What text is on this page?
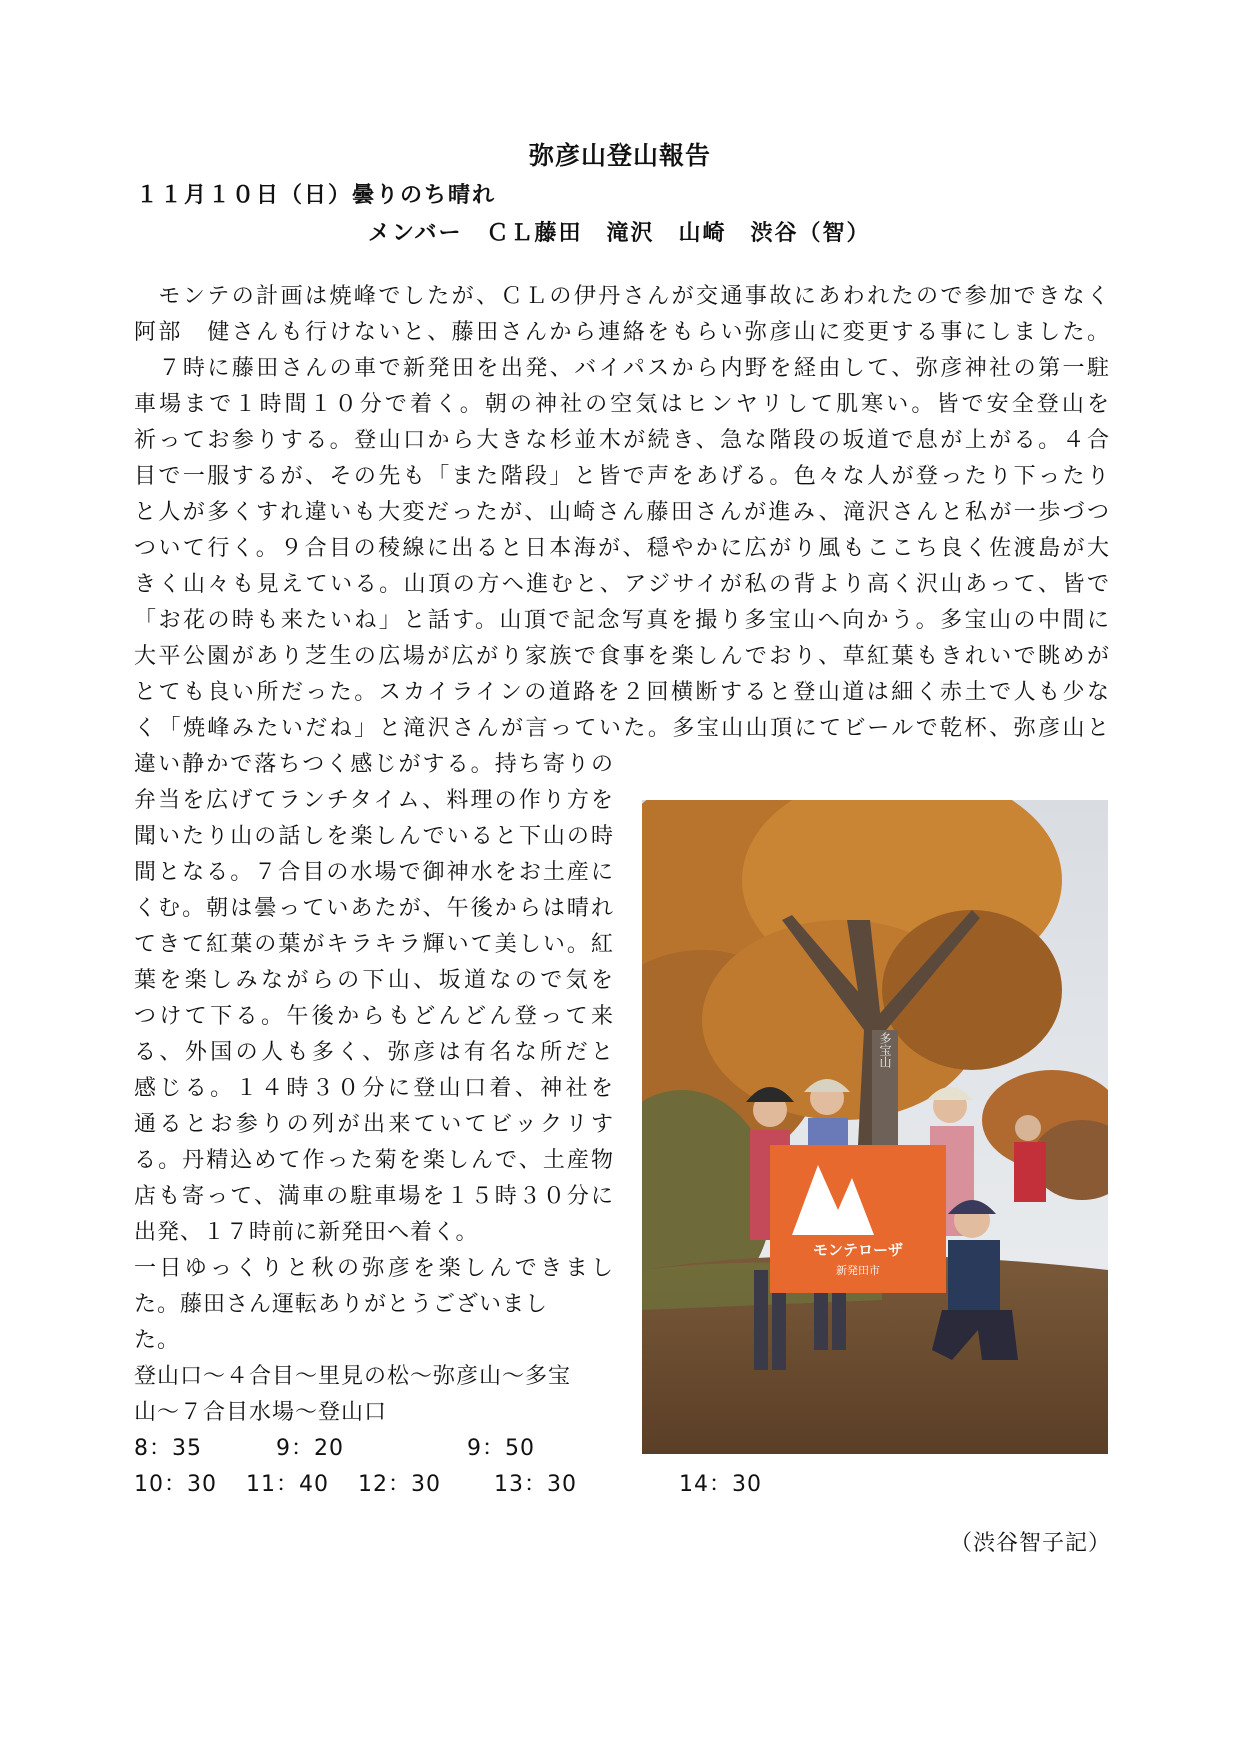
弥彦山登山報告
１１月１０日（日）曇りのち晴れ
メンバー　ＣＬ藤田　滝沢　山崎　渋谷（智）
　モンテの計画は焼峰でしたが、ＣＬの伊丹さんが交通事故にあわれたので参加できなく
阿部　健さんも行けないと、藤田さんから連絡をもらい弥彦山に変更する事にしました。
　７時に藤田さんの車で新発田を出発、バイパスから内野を経由して、弥彦神社の第一駐
車場まで１時間１０分で着く。朝の神社の空気はヒンヤリして肌寒い。皆で安全登山を
祈ってお参りする。登山口から大きな杉並木が続き、急な階段の坂道で息が上がる。４合
目で一服するが、その先も「また階段」と皆で声をあげる。色々な人が登ったり下ったり
と人が多くすれ違いも大変だったが、山崎さん藤田さんが進み、滝沢さんと私が一歩づつ
ついて行く。９合目の稜線に出ると日本海が、穏やかに広がり風もここち良く佐渡島が大
きく山々も見えている。山頂の方へ進むと、アジサイが私の背より高く沢山あって、皆で
「お花の時も来たいね」と話す。山頂で記念写真を撮り多宝山へ向かう。多宝山の中間に
大平公園があり芝生の広場が広がり家族で食事を楽しんでおり、草紅葉もきれいで眺めが
とても良い所だった。スカイラインの道路を２回横断すると登山道は細く赤土で人も少な
く「焼峰みたいだね」と滝沢さんが言っていた。多宝山山頂にてビールで乾杯、弥彦山と
違い静かで落ちつく感じがする。持ち寄りの
弁当を広げてランチタイム、料理の作り方を
聞いたり山の話しを楽しんでいると下山の時
間となる。７合目の水場で御神水をお土産に
くむ。朝は曇っていあたが、午後からは晴れ
てきて紅葉の葉がキラキラ輝いて美しい。紅
葉を楽しみながらの下山、坂道なので気を
つけて下る。午後からもどんどん登って来
る、外国の人も多く、弥彦は有名な所だと
感じる。１４時３０分に登山口着、神社を
通るとお参りの列が出来ていてビックリす
る。丹精込めて作った菊を楽しんで、土産物
店も寄って、満車の駐車場を１５時３０分に
出発、１７時前に新発田へ着く。
一日ゆっくりと秋の弥彦を楽しんできまし
た。藤田さん運転ありがとうございまし
た。
登山口～４合目～里見の松～弥彦山～多宝
山～７合目水場～登山口
8：35	9：20	9：50
10：30 11：40 12：30 13：30	14：30
多宝山
モンテローザ
新発田市
（渋谷智子記）
